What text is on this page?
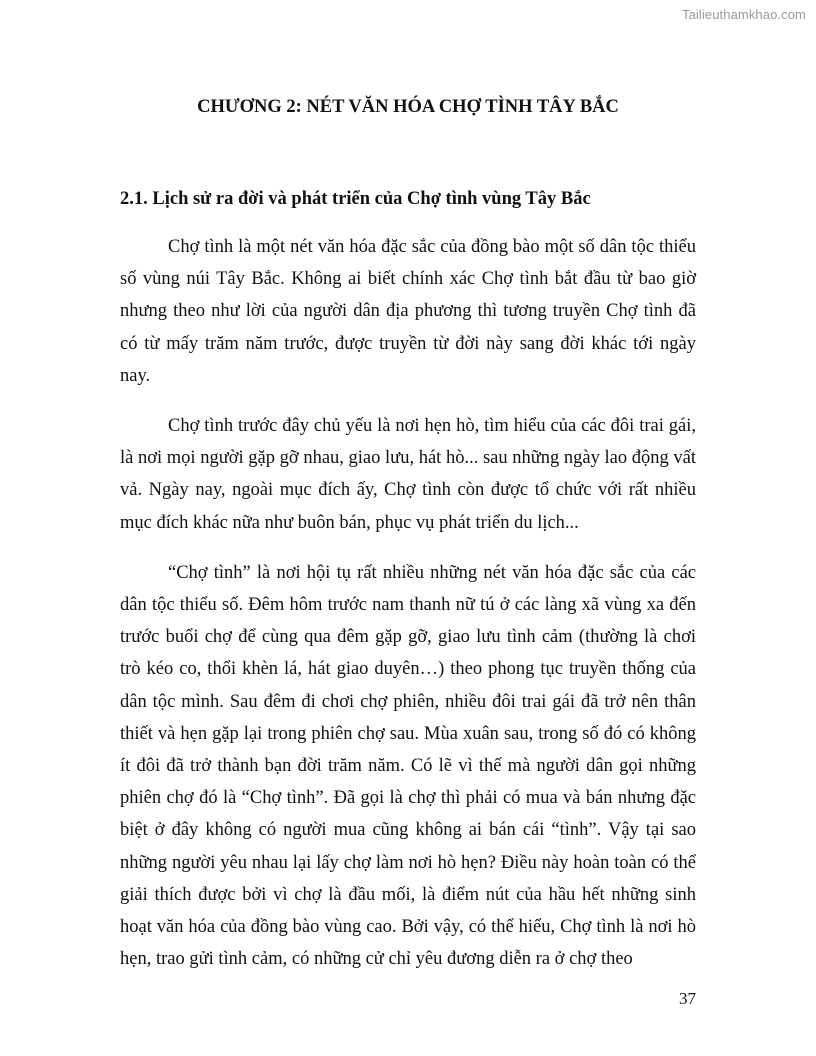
Tailieuthamkhao.com
CHƯƠNG 2: NÉT VĂN HÓA CHỢ TÌNH TÂY BẮC
2.1. Lịch sử ra đời và phát triển của Chợ tình vùng Tây Bắc

Chợ tình là một nét văn hóa đặc sắc của đồng bào một số dân tộc thiểu số vùng núi Tây Bắc. Không ai biết chính xác Chợ tình bắt đầu từ bao giờ nhưng theo như lời của người dân địa phương thì tương truyền Chợ tình đã có từ mấy trăm năm trước, được truyền từ đời này sang đời khác tới ngày nay.

Chợ tình trước đây chủ yếu là nơi hẹn hò, tìm hiểu của các đôi trai gái, là nơi mọi người gặp gỡ nhau, giao lưu, hát hò... sau những ngày lao động vất vả. Ngày nay, ngoài mục đích ấy, Chợ tình còn được tổ chức với rất nhiều mục đích khác nữa như buôn bán, phục vụ phát triển du lịch...

“Chợ tình” là nơi hội tụ rất nhiều những nét văn hóa đặc sắc của các dân tộc thiểu số. Đêm hôm trước nam thanh nữ tú ở các làng xã vùng xa đến trước buổi chợ để cùng qua đêm gặp gỡ, giao lưu tình cảm (thường là chơi trò kéo co, thổi khèn lá, hát giao duyên…) theo phong tục truyền thống của dân tộc mình. Sau đêm đi chơi chợ phiên, nhiều đôi trai gái đã trở nên thân thiết và hẹn gặp lại trong phiên chợ sau. Mùa xuân sau, trong số đó có không ít đôi đã trở thành bạn đời trăm năm. Có lẽ vì thế mà người dân gọi những phiên chợ đó là “Chợ tình”. Đã gọi là chợ thì phải có mua và bán nhưng đặc biệt ở đây không có người mua cũng không ai bán cái “tình”. Vậy tại sao những người yêu nhau lại lấy chợ làm nơi hò hẹn? Điều này hoàn toàn có thể giải thích được bởi vì chợ là đầu mối, là điểm nút của hầu hết những sinh hoạt văn hóa của đồng bào vùng cao. Bởi vậy, có thể hiểu, Chợ tình là nơi hò hẹn, trao gửi tình cảm, có những cử chỉ yêu đương diễn ra ở chợ theo

37
